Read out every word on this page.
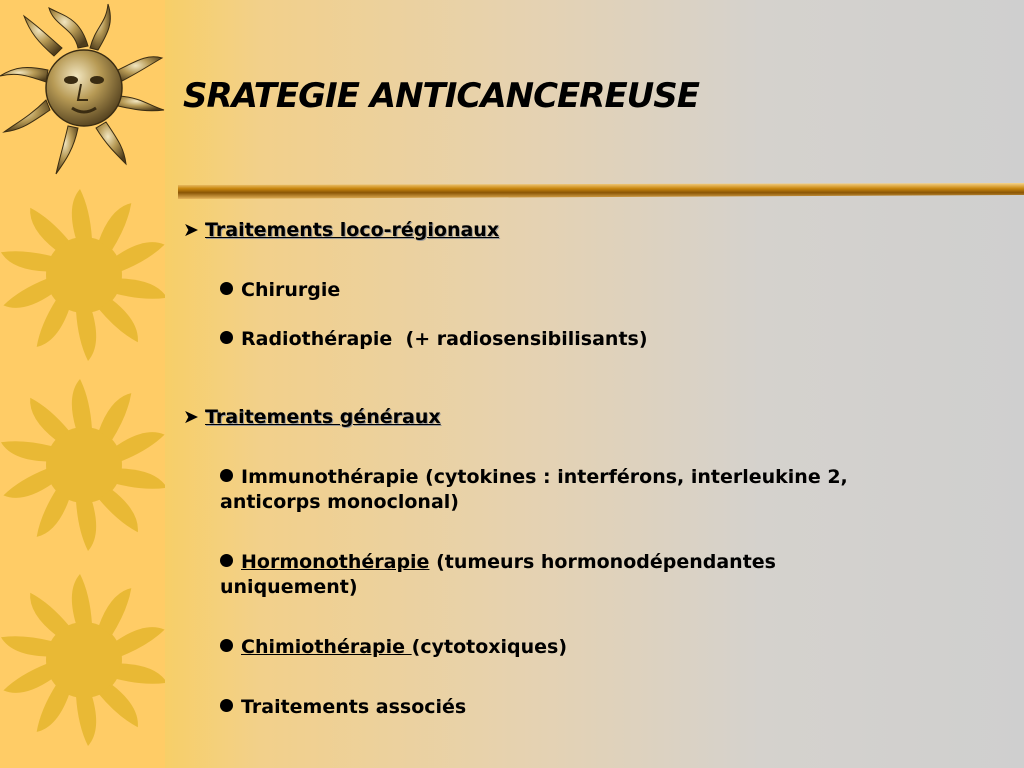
SRATEGIE ANTICANCEREUSE
➤ Traitements loco-régionaux
Chirurgie
Radiothérapie  (+ radiosensibilisants)
➤ Traitements généraux
Immunothérapie (cytokines : interférons, interleukine 2,
anticorps monoclonal)
Hormonothérapie (tumeurs hormonodépendantes
uniquement)
Chimiothérapie (cytotoxiques)
Traitements associés
